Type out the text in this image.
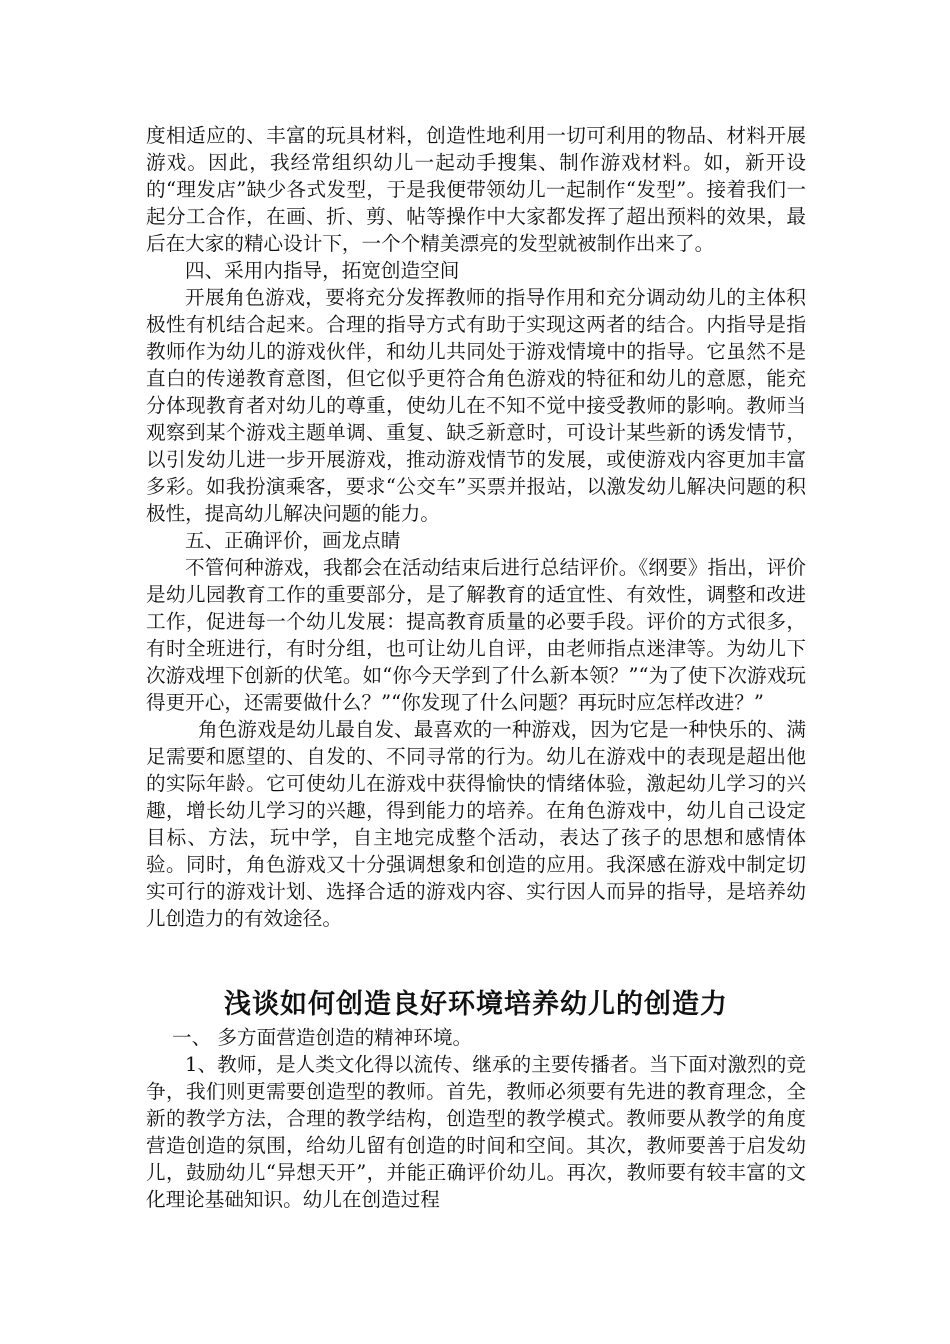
度相适应的、丰富的玩具材料，创造性地利用一切可利用的物品、材料开展游戏。因此，我经常组织幼儿一起动手搜集、制作游戏材料。如，新开设的“理发店”缺少各式发型，于是我便带领幼儿一起制作“发型”。接着我们一起分工合作，在画、折、剪、帖等操作中大家都发挥了超出预料的效果，最后在大家的精心设计下，一个个精美漂亮的发型就被制作出来了。

四、采用内指导，拓宽创造空间

开展角色游戏，要将充分发挥教师的指导作用和充分调动幼儿的主体积极性有机结合起来。合理的指导方式有助于实现这两者的结合。内指导是指教师作为幼儿的游戏伙伴，和幼儿共同处于游戏情境中的指导。它虽然不是直白的传递教育意图，但它似乎更符合角色游戏的特征和幼儿的意愿，能充分体现教育者对幼儿的尊重，使幼儿在不知不觉中接受教师的影响。教师当观察到某个游戏主题单调、重复、缺乏新意时，可设计某些新的诱发情节，以引发幼儿进一步开展游戏，推动游戏情节的发展，或使游戏内容更加丰富多彩。如我扮演乘客，要求“公交车”买票并报站，以激发幼儿解决问题的积极性，提高幼儿解决问题的能力。

五、正确评价，画龙点睛

不管何种游戏，我都会在活动结束后进行总结评价。《纲要》指出，评价是幼儿园教育工作的重要部分，是了解教育的适宜性、有效性，调整和改进工作，促进每一个幼儿发展：提高教育质量的必要手段。评价的方式很多，有时全班进行，有时分组，也可让幼儿自评，由老师指点迷津等。为幼儿下次游戏埋下创新的伏笔。如“你今天学到了什么新本领？”“为了使下次游戏玩得更开心，还需要做什么？”“你发现了什么问题？再玩时应怎样改进？”

角色游戏是幼儿最自发、最喜欢的一种游戏，因为它是一种快乐的、满足需要和愿望的、自发的、不同寻常的行为。幼儿在游戏中的表现是超出他的实际年龄。它可使幼儿在游戏中获得愉快的情绪体验，激起幼儿学习的兴趣，增长幼儿学习的兴趣，得到能力的培养。在角色游戏中，幼儿自己设定目标、方法，玩中学，自主地完成整个活动，表达了孩子的思想和感情体验。同时，角色游戏又十分强调想象和创造的应用。我深感在游戏中制定切实可行的游戏计划、选择合适的游戏内容、实行因人而异的指导，是培养幼儿创造力的有效途径。

浅谈如何创造良好环境培养幼儿的创造力

一、 多方面营造创造的精神环境。

1、教师，是人类文化得以流传、继承的主要传播者。当下面对激烈的竞争，我们则更需要创造型的教师。首先，教师必须要有先进的教育理念，全新的教学方法，合理的教学结构，创造型的教学模式。教师要从教学的角度营造创造的氛围，给幼儿留有创造的时间和空间。其次，教师要善于启发幼儿，鼓励幼儿“异想天开”，并能正确评价幼儿。再次，教师要有较丰富的文化理论基础知识。幼儿在创造过程
